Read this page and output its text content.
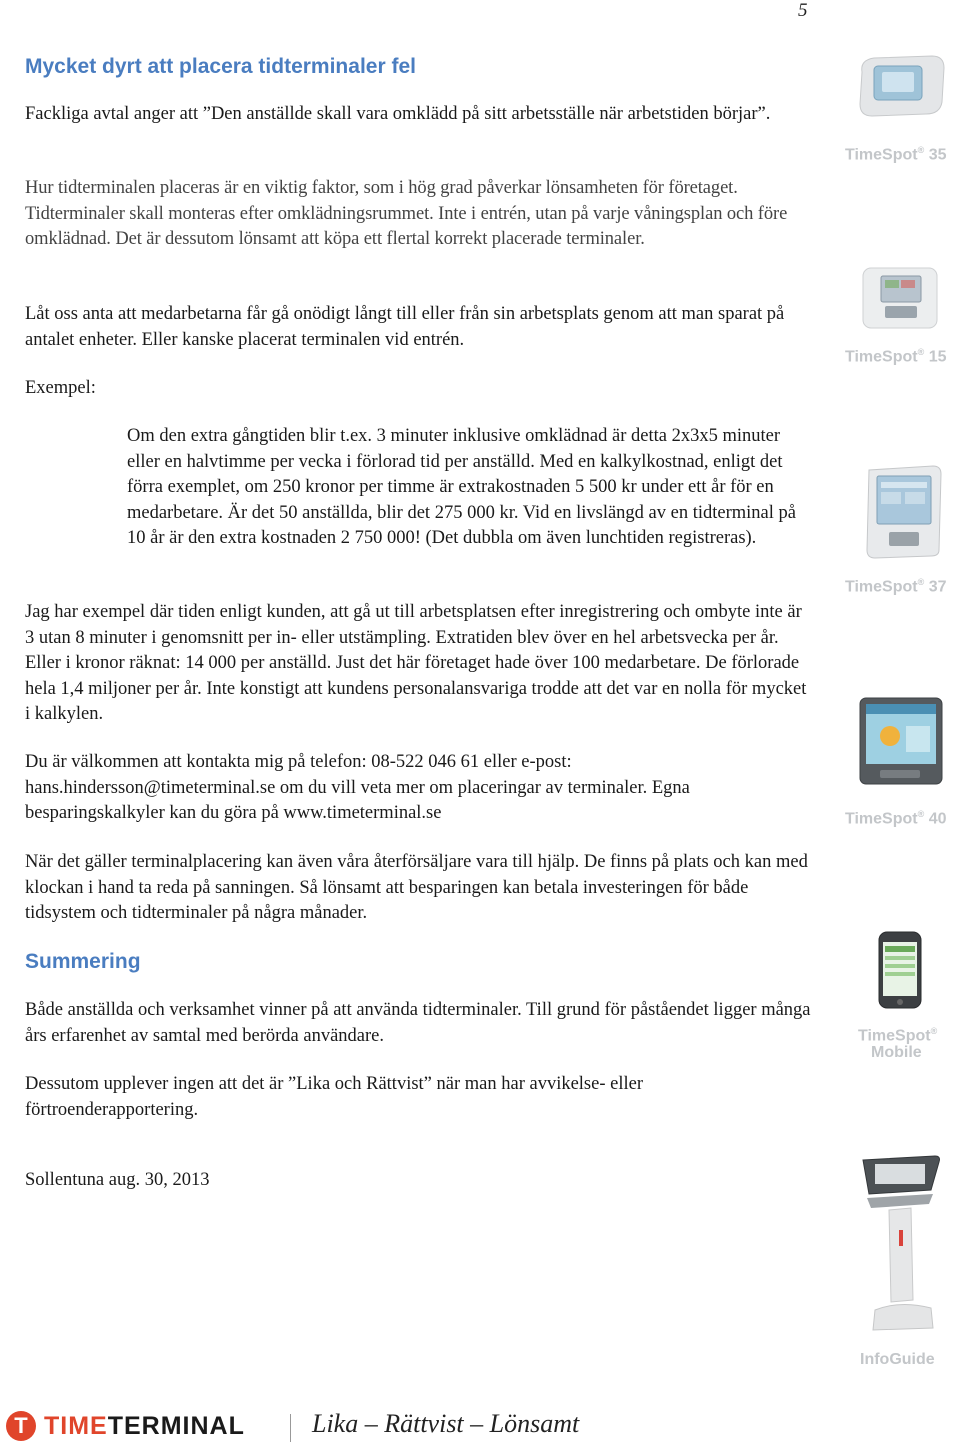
5
Mycket dyrt att placera tidterminaler fel

Fackliga avtal anger att ”Den anställde skall vara omklädd på sitt arbetsställe när arbetstiden börjar”.

Hur tidterminalen placeras är en viktig faktor, som i hög grad påverkar lönsamheten för företaget. Tidterminaler skall monteras efter omklädningsrummet. Inte i entrén, utan på varje våningsplan och före omklädnad. Det är dessutom lönsamt att köpa ett flertal korrekt placerade terminaler.

Låt oss anta att medarbetarna får gå onödigt långt till eller från sin arbetsplats genom att man sparat på antalet enheter. Eller kanske placerat terminalen vid entrén.

Exempel:

Om den extra gångtiden blir t.ex. 3 minuter inklusive omklädnad är detta 2x3x5 minuter eller en halvtimme per vecka i förlorad tid per anställd. Med en kalkylkostnad, enligt det förra exemplet, om 250 kronor per timme är extrakostnaden 5 500 kr under ett år för en medarbetare. Är det 50 anställda, blir det 275 000 kr. Vid en livslängd av en tidterminal på 10 år är den extra kostnaden 2 750 000! (Det dubbla om även lunchtiden registreras).

Jag har exempel där tiden enligt kunden, att gå ut till arbetsplatsen efter inregistrering och ombyte inte är 3 utan 8 minuter i genomsnitt per in- eller utstämpling. Extratiden blev över en hel arbetsvecka per år. Eller i kronor räknat: 14 000 per anställd. Just det här företaget hade över 100 medarbetare. De förlorade hela 1,4 miljoner per år. Inte konstigt att kundens personalansvariga trodde att det var en nolla för mycket i kalkylen.

Du är välkommen att kontakta mig på telefon: 08-522 046 61 eller e-post: hans.hindersson@timeterminal.se om du vill veta mer om placeringar av terminaler. Egna besparingskalkyler kan du göra på www.timeterminal.se

När det gäller terminalplacering kan även våra återförsäljare vara till hjälp. De finns på plats och kan med klockan i hand ta reda på sanningen. Så lönsamt att besparingen kan betala investeringen för både tidsystem och tidterminaler på några månader.

Summering

Både anställda och verksamhet vinner på att använda tidterminaler. Till grund för påståendet ligger många års erfarenhet av samtal med berörda användare.

Dessutom upplever ingen att det är ”Lika och Rättvist” när man har avvikelse- eller förtroenderapportering.

Sollentuna aug. 30, 2013

TimeSpot® 35
TimeSpot® 15
TimeSpot® 37
TimeSpot® 40
TimeSpot®
Mobile
InfoGuide
T TIMETERMINAL	Lika – Rättvist – Lönsamt
